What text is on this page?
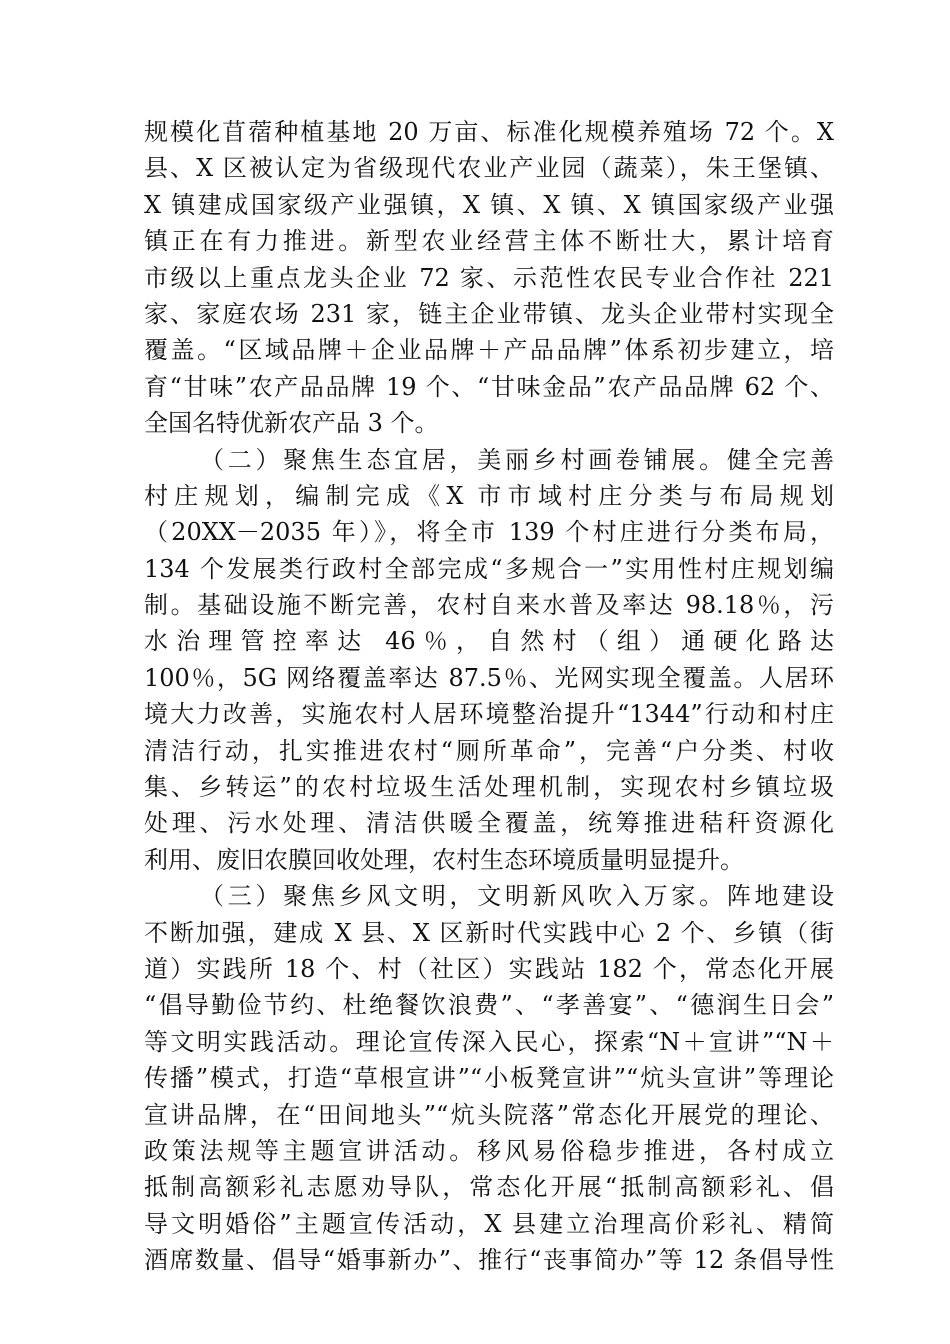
规模化苜蓿种植基地 20 万亩、标准化规模养殖场 72 个。X
县、X 区被认定为省级现代农业产业园（蔬菜），朱王堡镇、
X 镇建成国家级产业强镇，X 镇、X 镇、X 镇国家级产业强
镇正在有力推进。新型农业经营主体不断壮大，累计培育
市级以上重点龙头企业 72 家、示范性农民专业合作社 221
家、家庭农场 231 家，链主企业带镇、龙头企业带村实现全
覆盖。“区域品牌＋企业品牌＋产品品牌”体系初步建立，培
育“甘味”农产品品牌 19 个、“甘味金品”农产品品牌 62 个、
全国名特优新农产品 3 个。
（二）聚焦生态宜居，美丽乡村画卷铺展。健全完善
村庄规划，编制完成《X 市市域村庄分类与布局规划
（20XX－2035 年）》，将全市 139 个村庄进行分类布局，
134 个发展类行政村全部完成“多规合一”实用性村庄规划编
制。基础设施不断完善，农村自来水普及率达 98.18％，污
水治理管控率达 46％，自然村（组）通硬化路达
100％，5G 网络覆盖率达 87.5％、光网实现全覆盖。人居环
境大力改善，实施农村人居环境整治提升“1344”行动和村庄
清洁行动，扎实推进农村“厕所革命”，完善“户分类、村收
集、乡转运”的农村垃圾生活处理机制，实现农村乡镇垃圾
处理、污水处理、清洁供暖全覆盖，统筹推进秸秆资源化
利用、废旧农膜回收处理，农村生态环境质量明显提升。
（三）聚焦乡风文明，文明新风吹入万家。阵地建设
不断加强，建成 X 县、X 区新时代实践中心 2 个、乡镇（街
道）实践所 18 个、村（社区）实践站 182 个，常态化开展
“倡导勤俭节约、杜绝餐饮浪费”、“孝善宴”、“德润生日会”
等文明实践活动。理论宣传深入民心，探索“N＋宣讲”“N＋
传播”模式，打造“草根宣讲”“小板凳宣讲”“炕头宣讲”等理论
宣讲品牌，在“田间地头”“炕头院落”常态化开展党的理论、
政策法规等主题宣讲活动。移风易俗稳步推进，各村成立
抵制高额彩礼志愿劝导队，常态化开展“抵制高额彩礼、倡
导文明婚俗”主题宣传活动，X 县建立治理高价彩礼、精简
酒席数量、倡导“婚事新办”、推行“丧事简办”等 12 条倡导性
